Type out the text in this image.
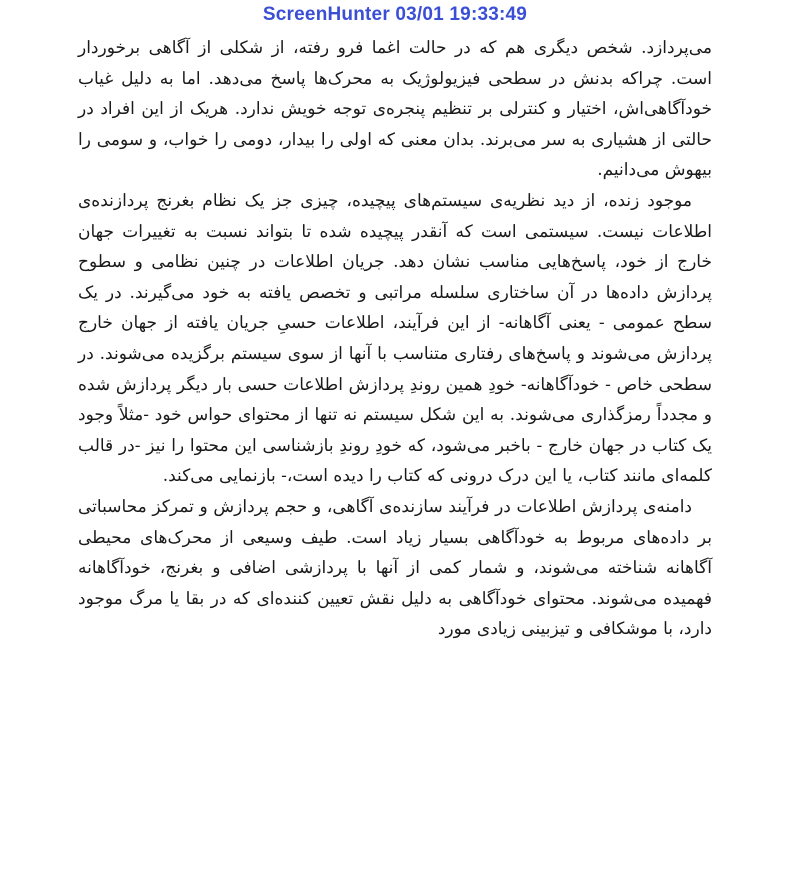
ScreenHunter 03/01 19:33:49

می‌پردازد. شخص دیگری هم که در حالت اغما فرو رفته، از شکلی از آگاهی برخوردار است. چراکه بدنش در سطحی فیزیولوژیک به محرک‌ها پاسخ می‌دهد. اما به دلیل غیاب خودآگاهی‌اش، اختیار و کنترلی بر تنظیم پنجره‌ی توجه خویش ندارد. هریک از این افراد در حالتی از هشیاری به سر می‌برند. بدان معنی که اولی را بیدار، دومی را خواب، و سومی را بیهوش می‌دانیم.

موجود زنده، از دید نظریه‌ی سیستم‌های پیچیده، چیزی جز یک نظام بغرنج پردازنده‌ی اطلاعات نیست. سیستمی است که آنقدر پیچیده شده تا بتواند نسبت به تغییرات جهان خارج از خود، پاسخ‌هایی مناسب نشان دهد. جریان اطلاعات در چنین نظامی و سطوح پردازش داده‌ها در آن ساختاری سلسله مراتبی و تخصص یافته به خود می‌گیرند. در یک سطح عمومی - یعنی آگاهانه- از این فرآیند، اطلاعات حسیِ جریان یافته از جهان خارج پردازش می‌شوند و پاسخ‌های رفتاری متناسب با آنها از سوی سیستم برگزیده می‌شوند. در سطحی خاص - خودآگاهانه- خودِ همین روندِ پردازش اطلاعات حسی بار دیگر پردازش شده و مجدداً رمزگذاری می‌شوند. به این شکل سیستم نه تنها از محتوای حواس خود -مثلاً وجود یک کتاب در جهان خارج - باخبر می‌شود، که خودِ روندِ بازشناسی این محتوا را نیز -در قالب کلمه‌ای مانند کتاب، یا این درک درونی که کتاب را دیده است،- بازنمایی می‌کند.

دامنه‌ی پردازش اطلاعات در فرآیند سازنده‌ی آگاهی، و حجم پردازش و تمرکز محاسباتی بر داده‌های مربوط به خودآگاهی بسیار زیاد است. طیف وسیعی از محرک‌های محیطی آگاهانه شناخته می‌شوند، و شمار کمی از آنها با پردازشی اضافی و بغرنج، خودآگاهانه فهمیده می‌شوند. محتوای خودآگاهی به دلیل نقش تعیین کننده‌ای که در بقا یا مرگ موجود دارد، با موشکافی و تیزبینی زیادی مورد
